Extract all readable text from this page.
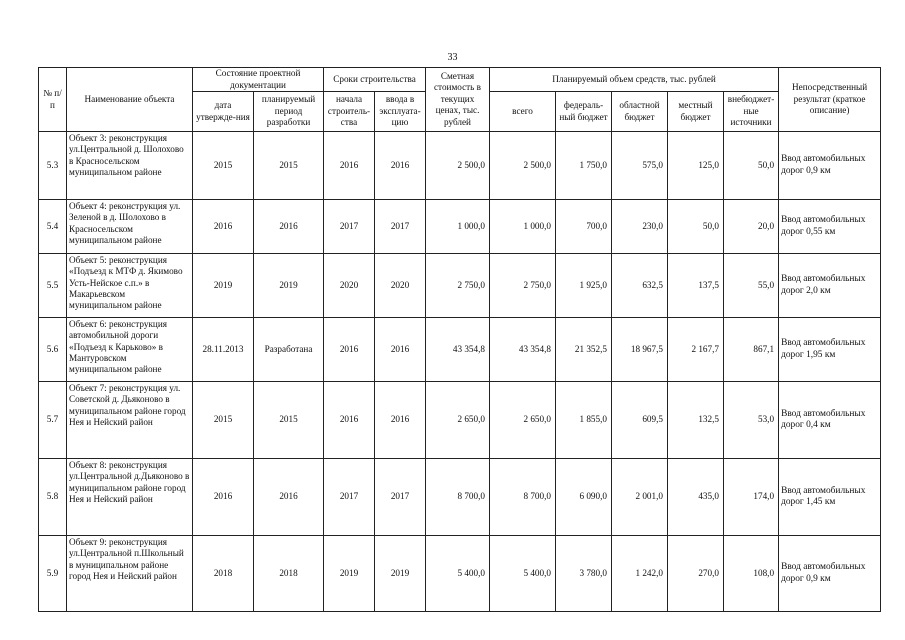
33
№ п/п	Наименование объекта	Состояние проектной документации		Сроки строительства		Сметная стоимость в текущих ценах, тыс. рублей	Планируемый объем средств, тыс. рублей					Непосредственный результат (краткое описание)
		дата утвержде-ния	планируемый период разработки	начала строитель-ства	ввода в эксплуата-цию		всего	федераль-ный бюджет	областной бюджет	местный бюджет	внебюджет-ные источники	
5.3	Объект 3: реконструкция ул.Центральной д. Шолохово в Красносельском муниципальном районе	2015	2015	2016	2016	2 500,0	2 500,0	1 750,0	575,0	125,0	50,0	Ввод автомобильных дорог 0,9 км
5.4	Объект 4: реконструкция ул. Зеленой в д. Шолохово в Красносельском муниципальном районе	2016	2016	2017	2017	1 000,0	1 000,0	700,0	230,0	50,0	20,0	Ввод автомобильных дорог 0,55 км
5.5	Объект 5: реконструкция «Подъезд к МТФ д. Якимово Усть-Нейское с.п.» в Макарьевском муниципальном районе	2019	2019	2020	2020	2 750,0	2 750,0	1 925,0	632,5	137,5	55,0	Ввод автомобильных дорог 2,0 км
5.6	Объект 6: реконструкция автомобильной дороги «Подъезд к Карьково» в Мантуровском муниципальном районе	28.11.2013	Разработана	2016	2016	43 354,8	43 354,8	21 352,5	18 967,5	2 167,7	867,1	Ввод автомобильных дорог 1,95 км
5.7	Объект 7: реконструкция ул. Советской д. Дьяконово в муниципальном районе город Нея и Нейский район	2015	2015	2016	2016	2 650,0	2 650,0	1 855,0	609,5	132,5	53,0	Ввод автомобильных дорог 0,4 км
5.8	Объект 8: реконструкция ул.Центральной д.Дьяконово в муниципальном районе город Нея и Нейский район	2016	2016	2017	2017	8 700,0	8 700,0	6 090,0	2 001,0	435,0	174,0	Ввод автомобильных дорог 1,45 км
5.9	Объект 9: реконструкция ул.Центральной п.Школьный в муниципальном районе город Нея и Нейский район	2018	2018	2019	2019	5 400,0	5 400,0	3 780,0	1 242,0	270,0	108,0	Ввод автомобильных дорог 0,9 км
